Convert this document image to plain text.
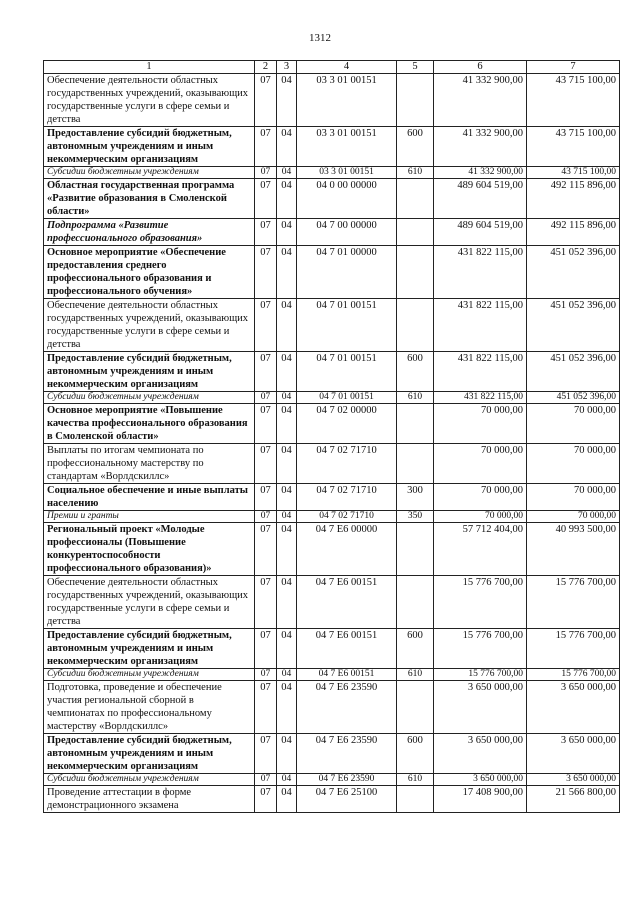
1312
1	2	3	4	5	6	7
Обеспечение деятельности областных государственных учреждений, оказывающих государственные услуги в сфере семьи и детства	07	04	03 3 01 00151		41 332 900,00	43 715 100,00
Предоставление субсидий бюджетным, автономным учреждениям и иным некоммерческим организациям	07	04	03 3 01 00151	600	41 332 900,00	43 715 100,00
Субсидии бюджетным учреждениям	07	04	03 3 01 00151	610	41 332 900,00	43 715 100,00
Областная государственная программа «Развитие образования в Смоленской области»	07	04	04 0 00 00000		489 604 519,00	492 115 896,00
Подпрограмма «Развитие профессионального образования»	07	04	04 7 00 00000		489 604 519,00	492 115 896,00
Основное мероприятие «Обеспечение предоставления среднего профессионального образования и профессионального обучения»	07	04	04 7 01 00000		431 822 115,00	451 052 396,00
Обеспечение деятельности областных государственных учреждений, оказывающих государственные услуги в сфере семьи и детства	07	04	04 7 01 00151		431 822 115,00	451 052 396,00
Предоставление субсидий бюджетным, автономным учреждениям и иным некоммерческим организациям	07	04	04 7 01 00151	600	431 822 115,00	451 052 396,00
Субсидии бюджетным учреждениям	07	04	04 7 01 00151	610	431 822 115,00	451 052 396,00
Основное мероприятие «Повышение качества профессионального образования в Смоленской области»	07	04	04 7 02 00000		70 000,00	70 000,00
Выплаты по итогам чемпионата по профессиональному мастерству по стандартам «Ворлдскиллс»	07	04	04 7 02 71710		70 000,00	70 000,00
Социальное обеспечение и иные выплаты населению	07	04	04 7 02 71710	300	70 000,00	70 000,00
Премии и гранты	07	04	04 7 02 71710	350	70 000,00	70 000,00
Региональный проект «Молодые профессионалы (Повышение конкурентоспособности профессионального образования)»	07	04	04 7 E6 00000		57 712 404,00	40 993 500,00
Обеспечение деятельности областных государственных учреждений, оказывающих государственные услуги в сфере семьи и детства	07	04	04 7 E6 00151		15 776 700,00	15 776 700,00
Предоставление субсидий бюджетным, автономным учреждениям и иным некоммерческим организациям	07	04	04 7 E6 00151	600	15 776 700,00	15 776 700,00
Субсидии бюджетным учреждениям	07	04	04 7 E6 00151	610	15 776 700,00	15 776 700,00
Подготовка, проведение и обеспечение участия региональной сборной в чемпионатах по профессиональному мастерству «Ворлдскиллс»	07	04	04 7 E6 23590		3 650 000,00	3 650 000,00
Предоставление субсидий бюджетным, автономным учреждениям и иным некоммерческим организациям	07	04	04 7 E6 23590	600	3 650 000,00	3 650 000,00
Субсидии бюджетным учреждениям	07	04	04 7 E6 23590	610	3 650 000,00	3 650 000,00
Проведение аттестации в форме демонстрационного экзамена	07	04	04 7 E6 25100		17 408 900,00	21 566 800,00
